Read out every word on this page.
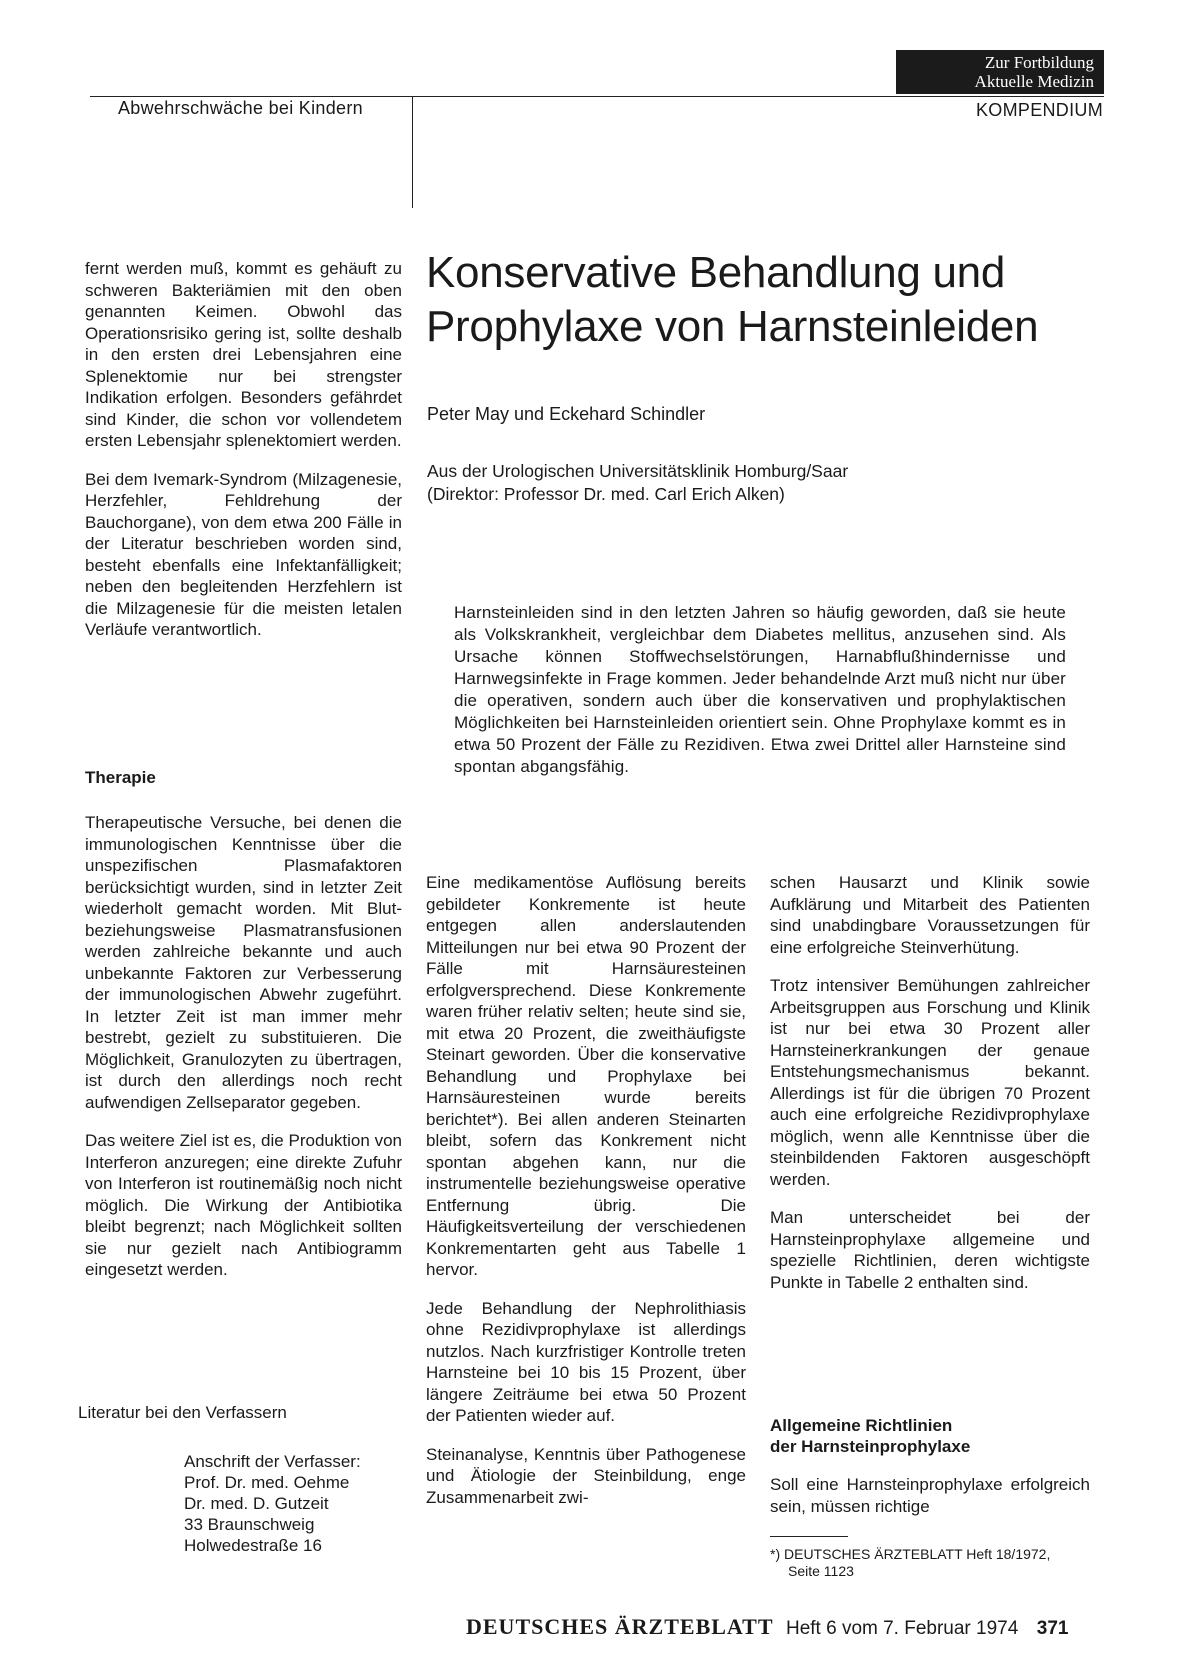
Zur Fortbildung
Aktuelle Medizin
Abwehrschwäche bei Kindern	KOMPENDIUM

fernt werden muß, kommt es gehäuft zu schweren Bakteriämien mit den oben genannten Keimen. Obwohl das Operationsrisiko gering ist, sollte deshalb in den ersten drei Lebensjahren eine Splenektomie nur bei strengster Indikation erfolgen. Besonders gefährdet sind Kinder, die schon vor vollendetem ersten Lebensjahr splenektomiert werden.

Bei dem Ivemark-Syndrom (Milzagenesie, Herzfehler, Fehldrehung der Bauchorgane), von dem etwa 200 Fälle in der Literatur beschrieben worden sind, besteht ebenfalls eine Infektanfälligkeit; neben den begleitenden Herzfehlern ist die Milzagenesie für die meisten letalen Verläufe verantwortlich.

Therapie

Therapeutische Versuche, bei denen die immunologischen Kenntnisse über die unspezifischen Plasmafaktoren berücksichtigt wurden, sind in letzter Zeit wiederholt gemacht worden. Mit Blut- beziehungsweise Plasmatransfusionen werden zahlreiche bekannte und auch unbekannte Faktoren zur Verbesserung der immunologischen Abwehr zugeführt. In letzter Zeit ist man immer mehr bestrebt, gezielt zu substituieren. Die Möglichkeit, Granulozyten zu übertragen, ist durch den allerdings noch recht aufwendigen Zellseparator gegeben.

Das weitere Ziel ist es, die Produktion von Interferon anzuregen; eine direkte Zufuhr von Interferon ist routinemäßig noch nicht möglich. Die Wirkung der Antibiotika bleibt begrenzt; nach Möglichkeit sollten sie nur gezielt nach Antibiogramm eingesetzt werden.

Literatur bei den Verfassern
Anschrift der Verfasser:
Prof. Dr. med. Oehme
Dr. med. D. Gutzeit
33 Braunschweig
Holwedestraße 16
Konservative Behandlung und
Prophylaxe von Harnsteinleiden
Peter May und Eckehard Schindler
Aus der Urologischen Universitätsklinik Homburg/Saar
(Direktor: Professor Dr. med. Carl Erich Alken)
Harnsteinleiden sind in den letzten Jahren so häufig geworden, daß sie heute als Volkskrankheit, vergleichbar dem Diabetes mellitus, anzusehen sind. Als Ursache können Stoffwechselstörungen, Harnabflußhindernisse und Harnwegsinfekte in Frage kommen. Jeder behandelnde Arzt muß nicht nur über die operativen, sondern auch über die konservativen und prophylaktischen Möglichkeiten bei Harnsteinleiden orientiert sein. Ohne Prophylaxe kommt es in etwa 50 Prozent der Fälle zu Rezidiven. Etwa zwei Drittel aller Harnsteine sind spontan abgangsfähig.

Eine medikamentöse Auflösung bereits gebildeter Konkremente ist heute entgegen allen anderslautenden Mitteilungen nur bei etwa 90 Prozent der Fälle mit Harnsäuresteinen erfolgversprechend. Diese Konkremente waren früher relativ selten; heute sind sie, mit etwa 20 Prozent, die zweithäufigste Steinart geworden. Über die konservative Behandlung und Prophylaxe bei Harnsäuresteinen wurde bereits berichtet*). Bei allen anderen Steinarten bleibt, sofern das Konkrement nicht spontan abgehen kann, nur die instrumentelle beziehungsweise operative Entfernung übrig. Die Häufigkeitsverteilung der verschiedenen Konkrementarten geht aus Tabelle 1 hervor.

Jede Behandlung der Nephrolithiasis ohne Rezidivprophylaxe ist allerdings nutzlos. Nach kurzfristiger Kontrolle treten Harnsteine bei 10 bis 15 Prozent, über längere Zeiträume bei etwa 50 Prozent der Patienten wieder auf.

Steinanalyse, Kenntnis über Pathogenese und Ätiologie der Steinbildung, enge Zusammenarbeit zwi-

schen Hausarzt und Klinik sowie Aufklärung und Mitarbeit des Patienten sind unabdingbare Voraussetzungen für eine erfolgreiche Steinverhütung.

Trotz intensiver Bemühungen zahlreicher Arbeitsgruppen aus Forschung und Klinik ist nur bei etwa 30 Prozent aller Harnsteinerkrankungen der genaue Entstehungsmechanismus bekannt. Allerdings ist für die übrigen 70 Prozent auch eine erfolgreiche Rezidivprophylaxe möglich, wenn alle Kenntnisse über die steinbildenden Faktoren ausgeschöpft werden.

Man unterscheidet bei der Harnsteinprophylaxe allgemeine und spezielle Richtlinien, deren wichtigste Punkte in Tabelle 2 enthalten sind.

Allgemeine Richtlinien
der Harnsteinprophylaxe
Soll eine Harnsteinprophylaxe erfolgreich sein, müssen richtige
*) DEUTSCHES ÄRZTEBLATT Heft 18/1972,
Seite 1123
DEUTSCHES ÄRZTEBLATT Heft 6 vom 7. Februar 1974 371
